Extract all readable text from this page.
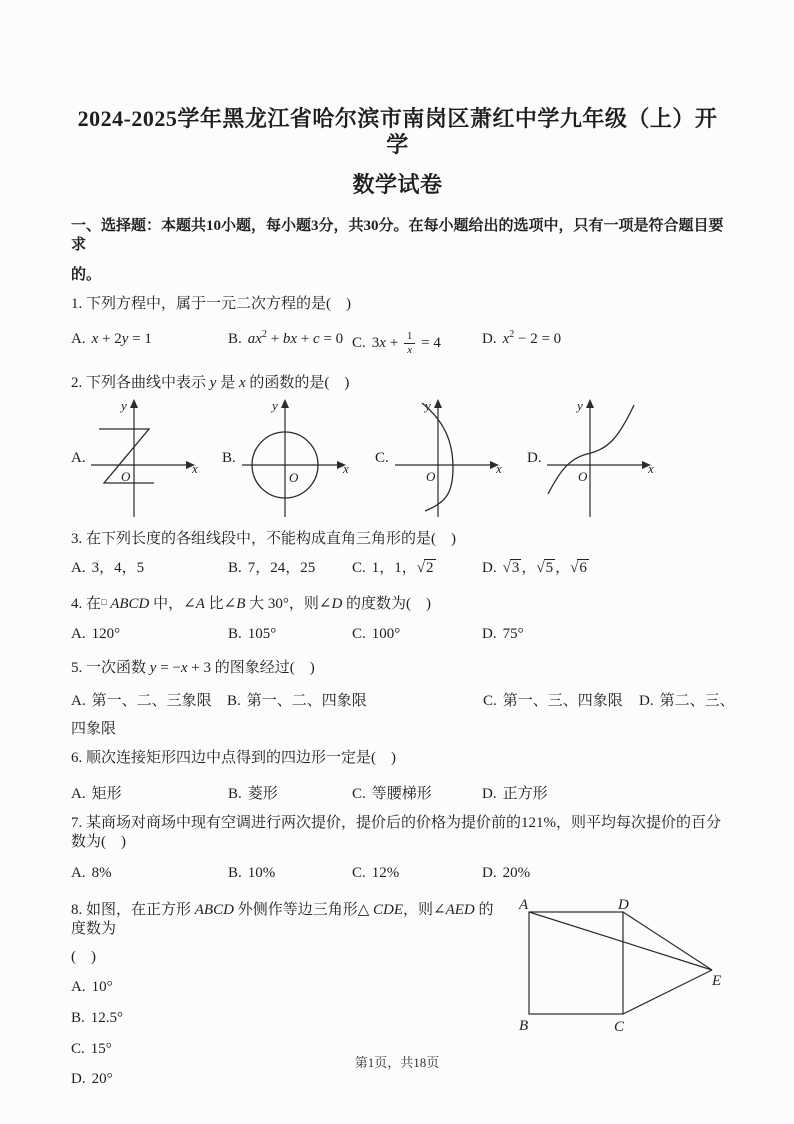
2024-2025学年黑龙江省哈尔滨市南岗区萧红中学九年级（上）开学
数学试卷

一、选择题：本题共10小题，每小题3分，共30分。在每小题给出的选项中，只有一项是符合题目要求

的。

1. 下列方程中，属于一元二次方程的是( )

A. x + 2y = 1	B. $ax^2$ + bx + c = 0 C. $3x + \frac{1}{x} = 4$	D. $x^2 - 2 = 0$

2. 下列各曲线中表示 y 是 x 的函数的是( )

A.
y
x
O
B.
y
x
O
C.
y
x
O
D.
y
x
O

3. 在下列长度的各组线段中，不能构成直角三角形的是( )

A. 3，4，5	B. 7，24，25	C. 1，1，√2	D. √3 ，√5 ，√6

4. 在□ ABCD 中，∠A 比∠B 大 30°，则∠D 的度数为( )

A. 120°	B. 105°	C. 100°	D. 75°

5. 一次函数 y = −x + 3 的图象经过( )

A. 第一、二、三象限	B. 第一、二、四象限	C. 第一、三、四象限	D. 第二、三、

四象限

6. 顺次连接矩形四边中点得到的四边形一定是( )

A. 矩形	B. 菱形	C. 等腰梯形	D. 正方形

7. 某商场对商场中现有空调进行两次提价，提价后的价格为提价前的121%，则平均每次提价的百分数为( )

A. 8%	B. 10%	C. 12%	D. 20%
A	D
B	C
E

8. 如图，在正方形 ABCD 外侧作等边三角形△ CDE，则∠AED 的度数为

( )

A. 10°

B. 12.5°

C. 15°

D. 20°

第1页，共18页
